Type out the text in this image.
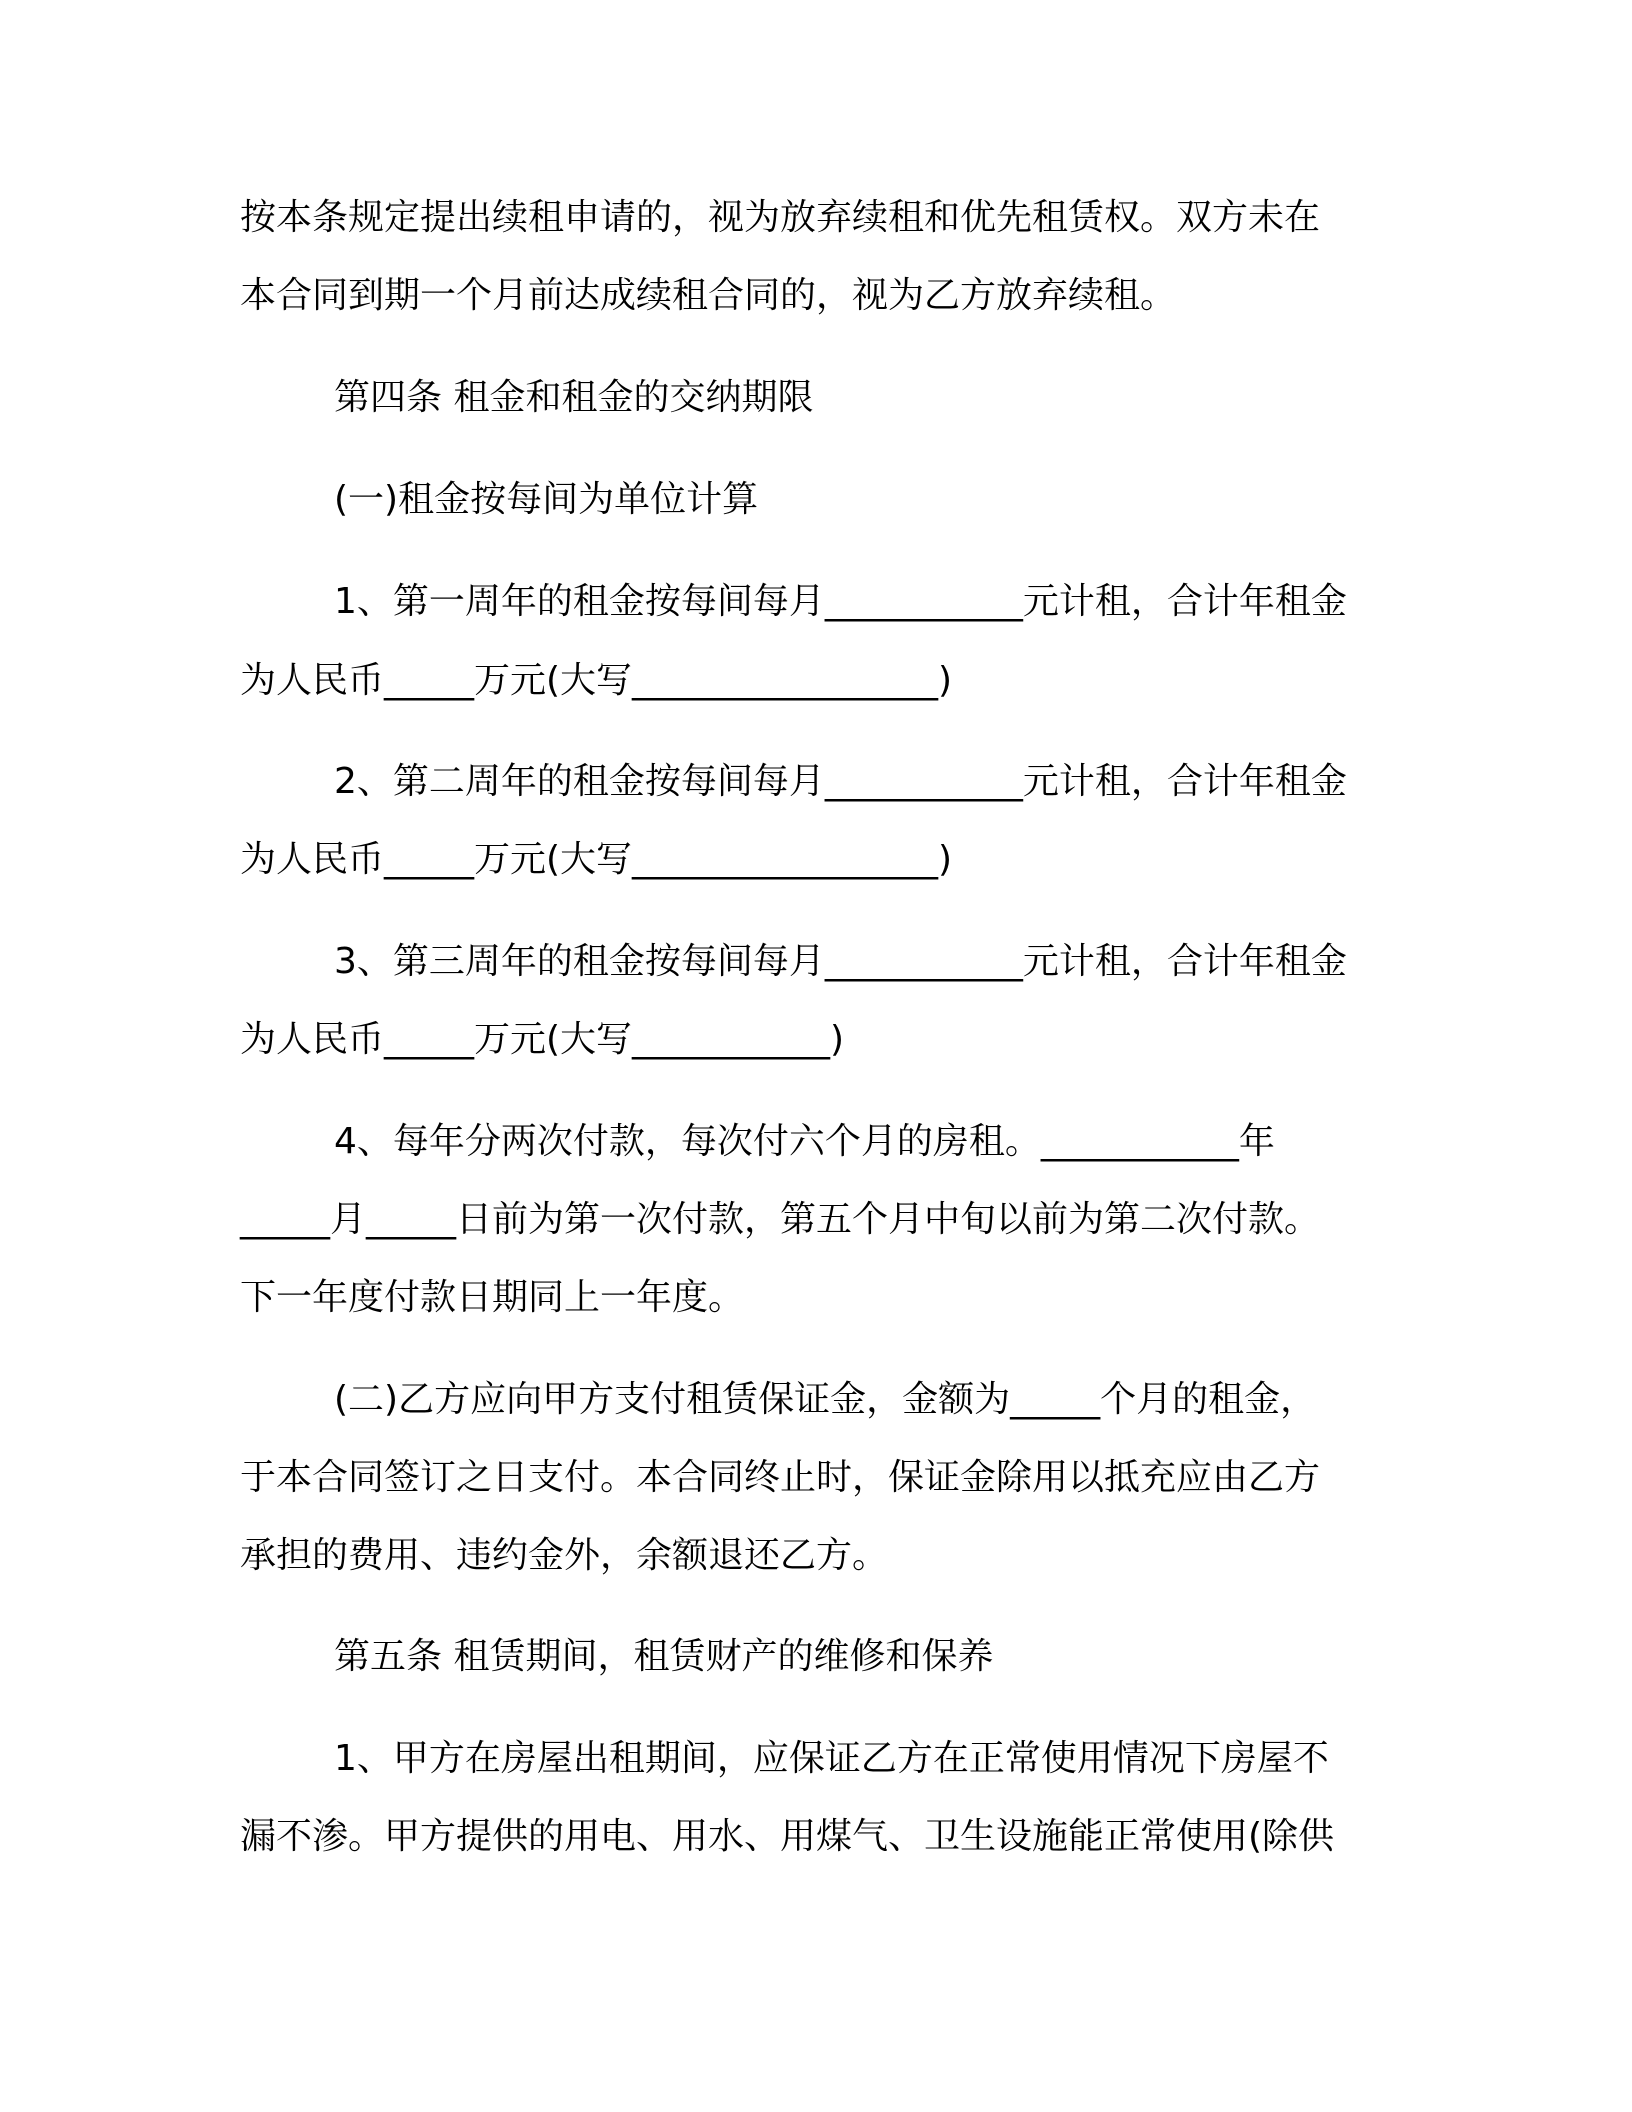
按本条规定提出续租申请的，视为放弃续租和优先租赁权。双方未在
本合同到期一个月前达成续租合同的，视为乙方放弃续租。
第四条 租金和租金的交纳期限
(一)租金按每间为单位计算
1、第一周年的租金按每间每月___________元计租，合计年租金
为人民币_____万元(大写_________________)
2、第二周年的租金按每间每月___________元计租，合计年租金
为人民币_____万元(大写_________________)
3、第三周年的租金按每间每月___________元计租，合计年租金
为人民币_____万元(大写___________)
4、每年分两次付款，每次付六个月的房租。___________年
_____月_____日前为第一次付款，第五个月中旬以前为第二次付款。
下一年度付款日期同上一年度。
(二)乙方应向甲方支付租赁保证金，金额为_____个月的租金，
于本合同签订之日支付。本合同终止时，保证金除用以抵充应由乙方
承担的费用、违约金外，余额退还乙方。
第五条 租赁期间，租赁财产的维修和保养
1、甲方在房屋出租期间，应保证乙方在正常使用情况下房屋不
漏不渗。甲方提供的用电、用水、用煤气、卫生设施能正常使用(除供
